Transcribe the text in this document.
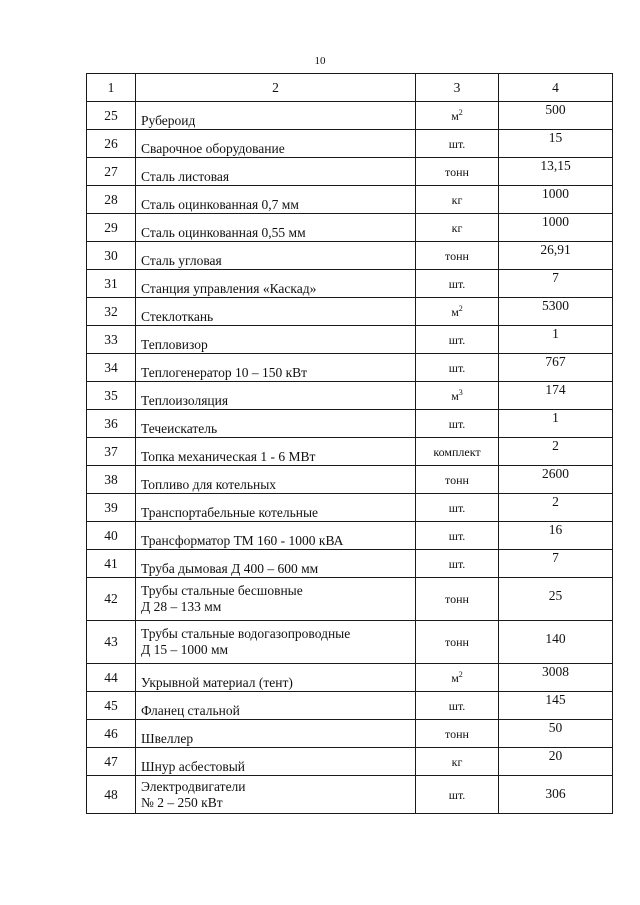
10
1	2	3	4
25	Рубероид	$м^2$	500
26	Сварочное оборудование	шт.	15
27	Сталь листовая	тонн	13,15
28	Сталь оцинкованная 0,7 мм	кг	1000
29	Сталь оцинкованная 0,55 мм	кг	1000
30	Сталь угловая	тонн	26,91
31	Станция управления «Каскад»	шт.	7
32	Стеклоткань	$м^2$	5300
33	Тепловизор	шт.	1
34	Теплогенератор 10 – 150 кВт	шт.	767
35	Теплоизоляция	$м^3$	174
36	Течеискатель	шт.	1
37	Топка механическая 1 - 6 МВт	комплект	2
38	Топливо для котельных	тонн	2600
39	Транспортабельные котельные	шт.	2
40	Трансформатор ТМ 160 - 1000 кВА	шт.	16
41	Труба дымовая Д 400 – 600 мм	шт.	7
42	Трубы стальные бесшовные
Д 28 – 133 мм	тонн	25
43	Трубы стальные водогазопроводные
Д 15 – 1000 мм	тонн	140
44	Укрывной материал (тент)	$м^2$	3008
45	Фланец стальной	шт.	145
46	Швеллер	тонн	50
47	Шнур асбестовый	кг	20
48	Электродвигатели
№ 2 – 250 кВт	шт.	306
